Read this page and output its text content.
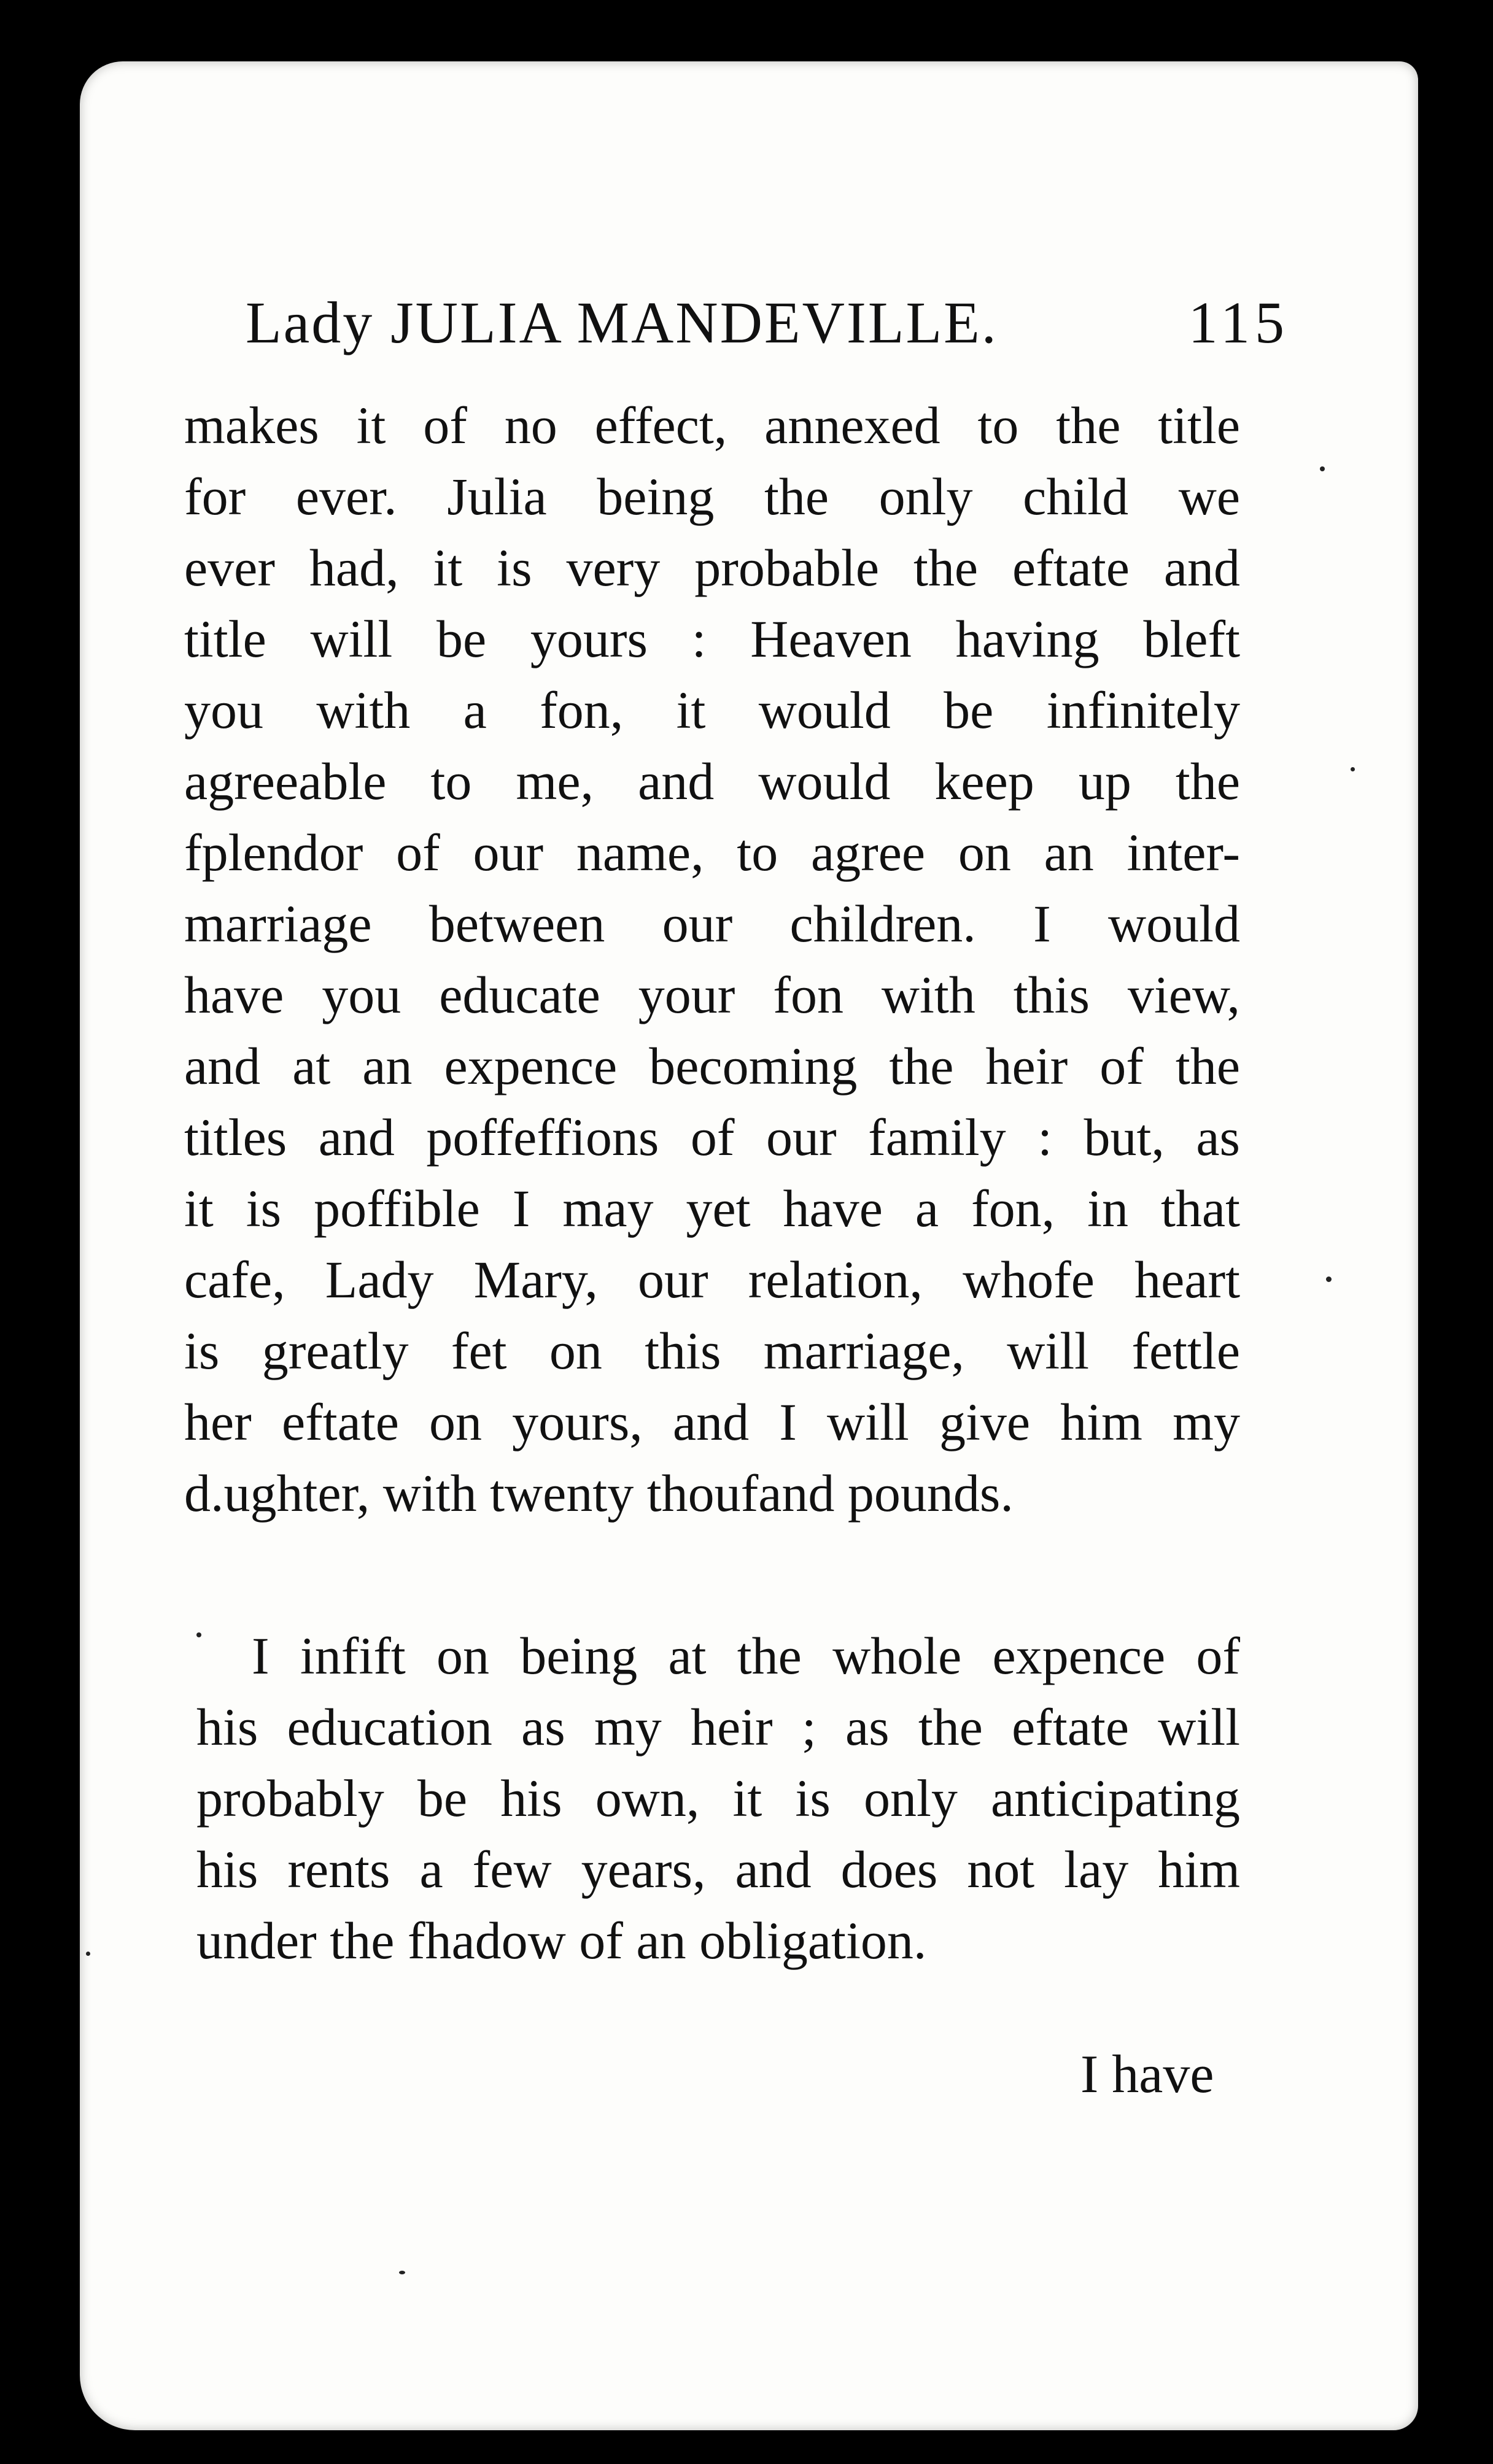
Lady JULIA MANDEVILLE.	115
makes it of no effect, annexed to the title
for ever. Julia being the only child we
ever had, it is very probable the eftate and
title will be yours : Heaven having bleft
you with a fon, it would be infinitely
agreeable to me, and would keep up the
fplendor of our name, to agree on an inter-
marriage between our children. I would
have you educate your fon with this view,
and at an expence becoming the heir of the
titles and poffeffions of our family : but, as
it is poffible I may yet have a fon, in that
cafe, Lady Mary, our relation, whofe heart
is greatly fet on this marriage, will fettle
her eftate on yours, and I will give him my
d.ughter, with twenty thoufand pounds.
I infift on being at the whole expence of
his education as my heir ; as the eftate will
probably be his own, it is only anticipating
his rents a few years, and does not lay him
under the fhadow of an obligation.
I have
